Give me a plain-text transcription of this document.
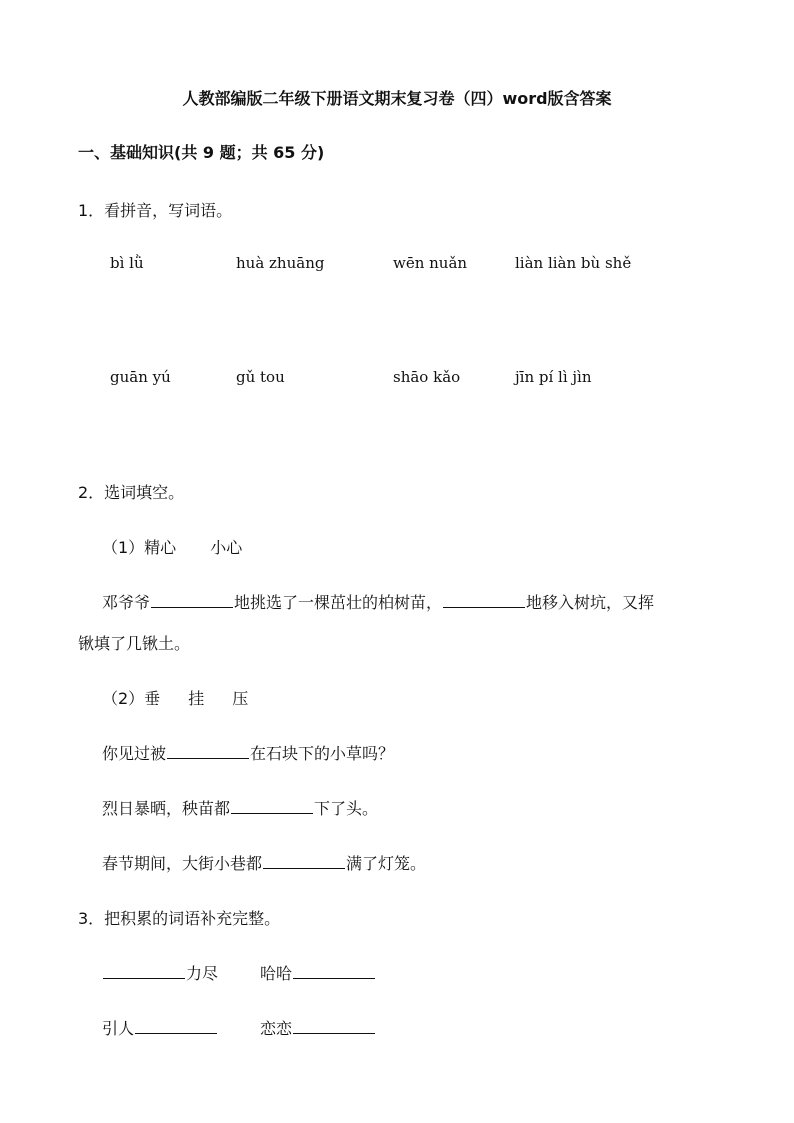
人教部编版二年级下册语文期末复习卷（四）word版含答案
一、基础知识(共 9 题；共 65 分)
1．看拼音，写词语。
bì lǜ	huà zhuāng	wēn nuǎn	liàn liàn bù shě
guān yú	gǔ tou	shāo kǎo	jīn pí lì jìn
2．选词填空。
（1）精心 小心
邓爷爷	地挑选了一棵茁壮的柏树苗，	地移入树坑，又挥
锹填了几锹土。
（2）垂 挂 压
你见过被	在石块下的小草吗？
烈日暴晒，秧苗都	下了头。
春节期间，大街小巷都	满了灯笼。
3．把积累的词语补充完整。
力尽	哈哈
引人	恋恋
